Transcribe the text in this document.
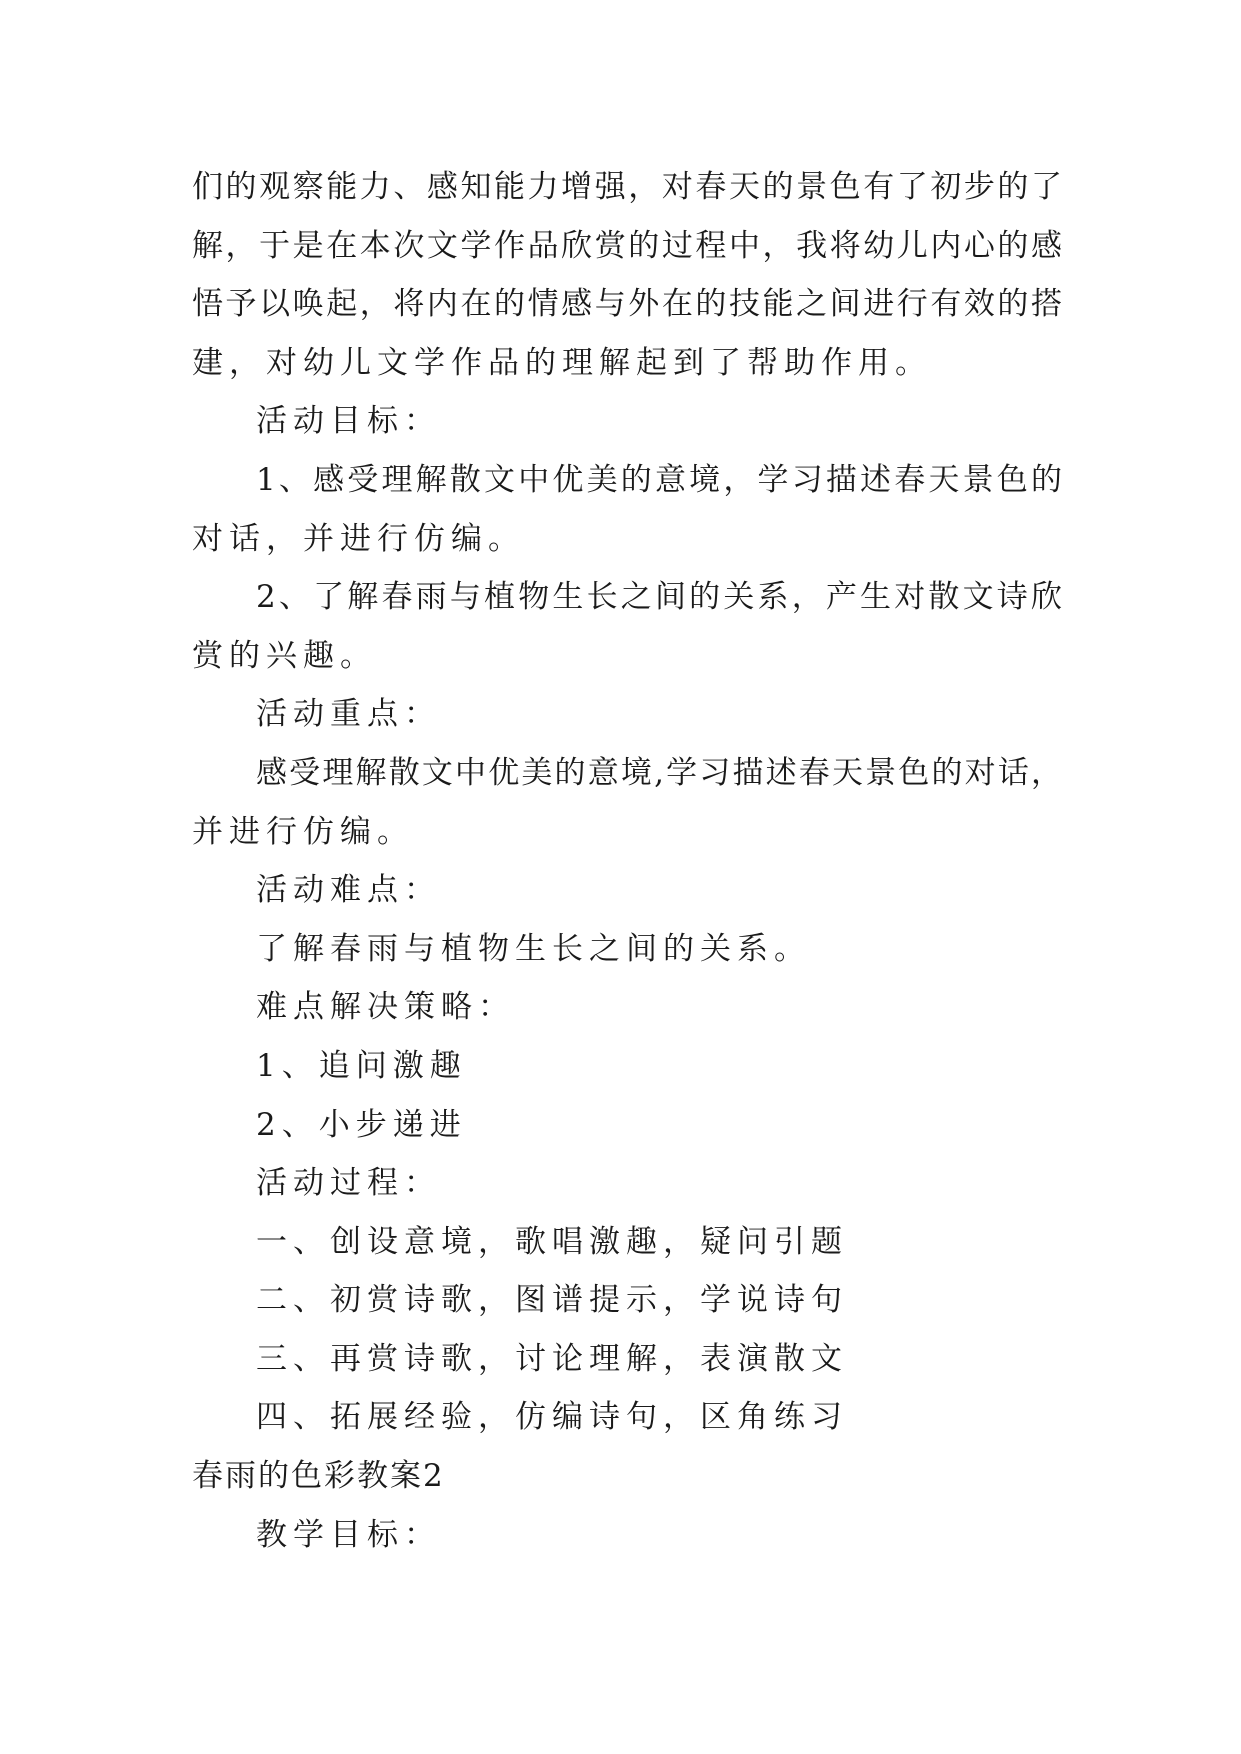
们的观察能力、感知能力增强，对春天的景色有了初步的了
解，于是在本次文学作品欣赏的过程中，我将幼儿内心的感
悟予以唤起，将内在的情感与外在的技能之间进行有效的搭
建，对幼儿文学作品的理解起到了帮助作用。
活动目标：
1、感受理解散文中优美的意境，学习描述春天景色的
对话，并进行仿编。
2、了解春雨与植物生长之间的关系，产生对散文诗欣
赏的兴趣。
活动重点：
感受理解散文中优美的意境,学习描述春天景色的对话，
并进行仿编。
活动难点：
了解春雨与植物生长之间的关系。
难点解决策略：
1、追问激趣
2、小步递进
活动过程：
一、创设意境，歌唱激趣，疑问引题
二、初赏诗歌，图谱提示，学说诗句
三、再赏诗歌，讨论理解，表演散文
四、拓展经验，仿编诗句，区角练习
春雨的色彩教案2
教学目标：
